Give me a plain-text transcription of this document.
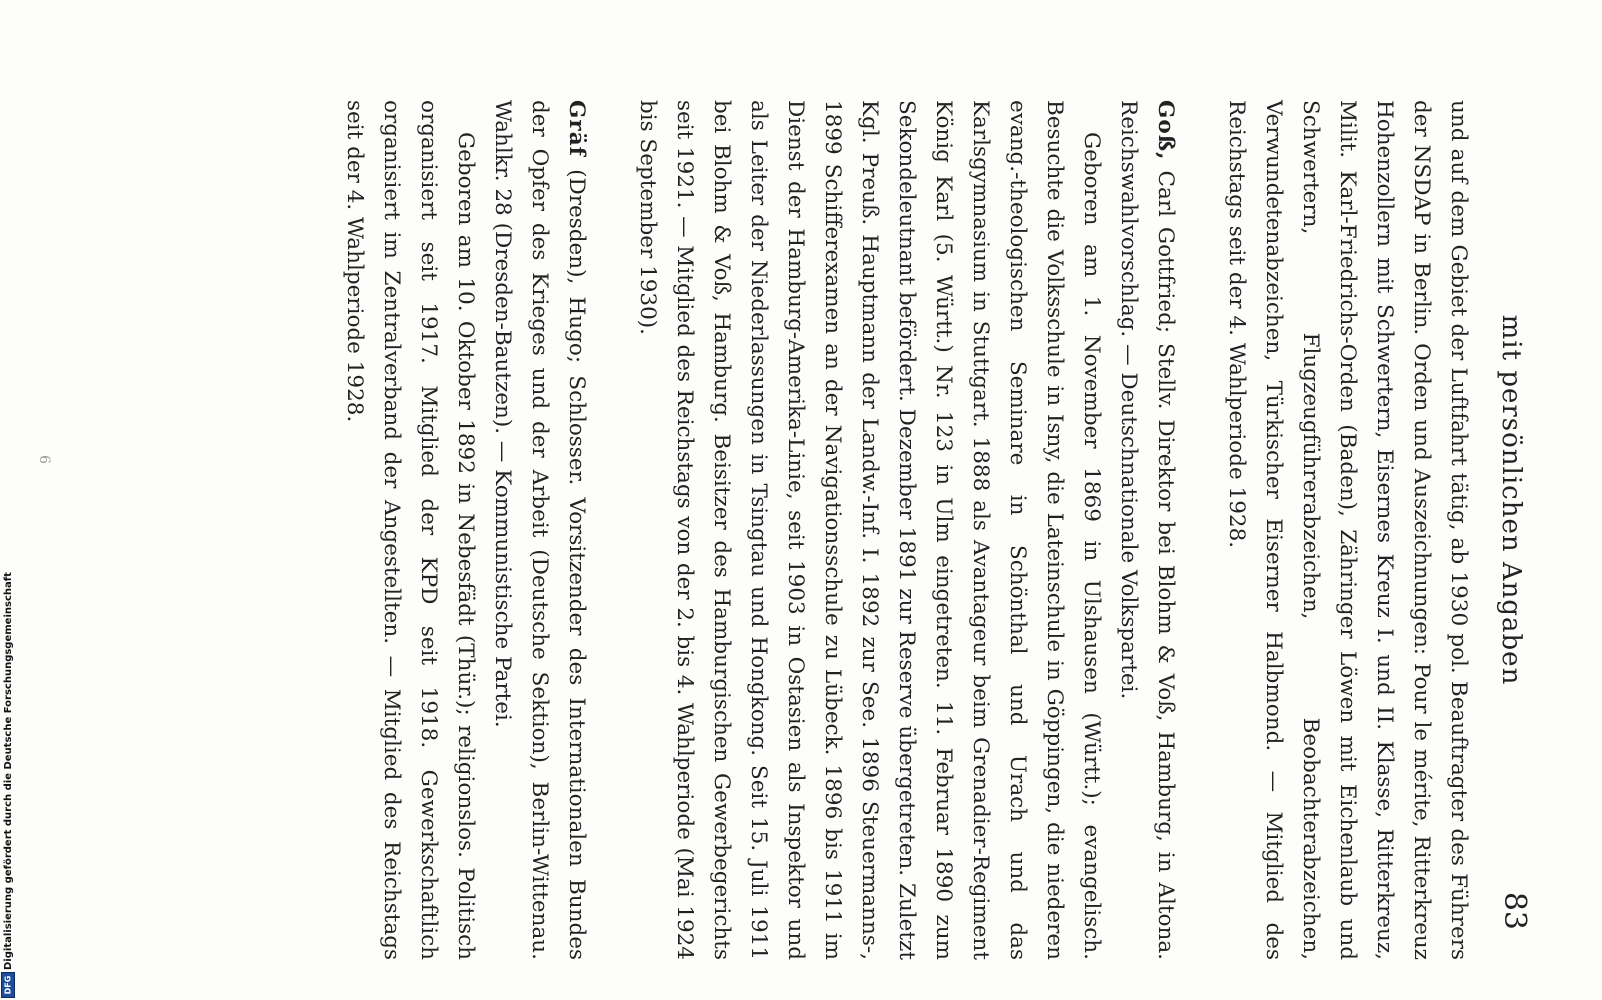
mit persönlichen Angaben
83

und auf dem Gebiet der Luftfahrt tätig, ab 1930 pol. Beauftragter des Führers der NSDAP in Berlin. Orden und Auszeichnungen: Pour le mérite, Ritterkreuz Hohenzollern mit Schwertern, Eisernes Kreuz I. und II. Klasse, Ritterkreuz, Milit. Karl-Friedrichs-Orden (Baden), Zähringer Löwen mit Eichenlaub und Schwertern, Flugzeugführerabzeichen, Beobachterabzeichen, Verwundetenabzeichen, Türkischer Eiserner Halbmond. — Mitglied des Reichstags seit der 4. Wahlperiode 1928.

Goß, Carl Gottfried; Stellv. Direktor bei Blohm & Voß, Hamburg, in Altona. Reichswahlvorschlag. — Deutschnationale Volkspartei.

Geboren am 1. November 1869 in Ulshausen (Württ.); evangelisch. Besuchte die Volksschule in Isny, die Lateinschule in Göppingen, die niederen evang.-theologischen Seminare in Schönthal und Urach und das Karlsgymnasium in Stuttgart. 1888 als Avantageur beim Grenadier-Regiment König Karl (5. Württ.) Nr. 123 in Ulm eingetreten. 11. Februar 1890 zum Sekondeleutnant befördert. Dezember 1891 zur Reserve übergetreten. Zuletzt Kgl. Preuß. Hauptmann der Landw.-Inf. I. 1892 zur See. 1896 Steuermanns-, 1899 Schifferexamen an der Navigationsschule zu Lübeck. 1896 bis 1911 im Dienst der Hamburg-Amerika-Linie, seit 1903 in Ostasien als Inspektor und als Leiter der Niederlassungen in Tsingtau und Hongkong. Seit 15. Juli 1911 bei Blohm & Voß, Hamburg. Beisitzer des Hamburgischen Gewerbegerichts seit 1921. — Mitglied des Reichstags von der 2. bis 4. Wahlperiode (Mai 1924 bis September 1930).

Gräf (Dresden), Hugo; Schlosser. Vorsitzender des Internationalen Bundes der Opfer des Krieges und der Arbeit (Deutsche Sektion), Berlin-Wittenau. Wahlkr. 28 (Dresden-Bautzen). — Kommunistische Partei.

Geboren am 10. Oktober 1892 in Nebesfädt (Thür.); religionslos. Politisch organisiert seit 1917. Mitglied der KPD seit 1918. Gewerkschaftlich organisiert im Zentralverband der Angestellten. — Mitglied des Reichstags seit der 4. Wahlperiode 1928.

6
Digitalisierung gefördert durch die Deutsche Forschungsgemeinschaft
DFG
